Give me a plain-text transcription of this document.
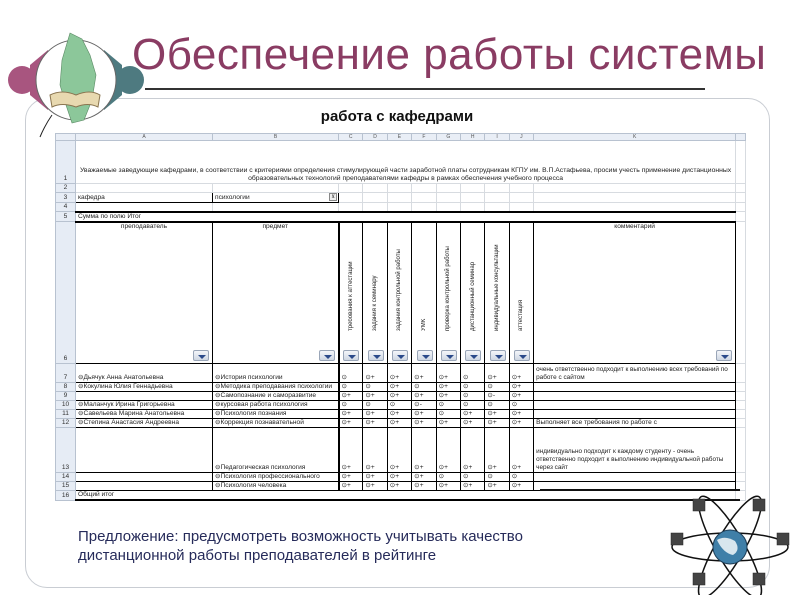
Обеспечение работы системы
работа с кафедрами
	A	B	C	D	E	F	G	H	I	J	K	
1	Уважаемые заведующие кафедрами, в соответствии с критериями определения стимулирующей части заработной платы сотрудникам КГПУ им. В.П.Астафьева, просим учесть применение дистанционных образовательных технологий преподавателями кафедры в рамках обеспечения учебного процесса											
2												
3	кафедра	психологии ⊻										

4												
5	Сумма по полю Итог											
6	преподаватель	предмет	требования к аттестации	задания к семинару	задания контрольной работы	УМК	проверка контрольной работы	дистанционный семинар	индивидуальные консультации	аттестация	комментарий	

7	⊖Дьячук Анна Анатольевна	⊖История психологии	⊙	⊙+	⊙+	⊙+	⊙+	⊙	⊙+	⊙+	очень ответственно подходит к выполнению всех требований по работе с сайтом	
8	⊖Кокулина Юлия Геннадьевна	⊖Методика преподавания психологии	⊙	⊙	⊙+	⊙	⊙+	⊙	⊙	⊙+		
9		⊖Самопознание и саморазвитие	⊙+	⊙+	⊙+	⊙+	⊙+	⊙	⊙-	⊙+		
10	⊖Маланчук Ирина Григорьевна	⊖курсовая работа психология	⊙	⊙	⊙	⊙-	⊙	⊙	⊙	⊙		
11	⊖Савельева Марина Анатольевна	⊖Психология познания	⊙+	⊙+	⊙+	⊙+	⊙	⊙+	⊙+	⊙+		
12	⊖Степина Анастасия Андреевна	⊖Коррекция познавательной	⊙+	⊙+	⊙+	⊙+	⊙+	⊙+	⊙+	⊙+	Выполняет все требования по работе с	
13		⊖Педагогическая психология	⊙+	⊙+	⊙+	⊙+	⊙+	⊙+	⊙+	⊙+	индивидуально подходит к каждому студенту - очень ответственно подходит к выполнению индивидуальной работы через сайт	
14		⊖Психология профессионального	⊙+	⊙+	⊙+	⊙+	⊙	⊙	⊙	⊙		
15		⊖Психология человека	⊙+	⊙+	⊙+	⊙+	⊙+	⊙+	⊙+	⊙+		
16	Общий итог											
Предложение: предусмотреть возможность учитывать качество
дистанционной работы преподавателей в рейтинге
